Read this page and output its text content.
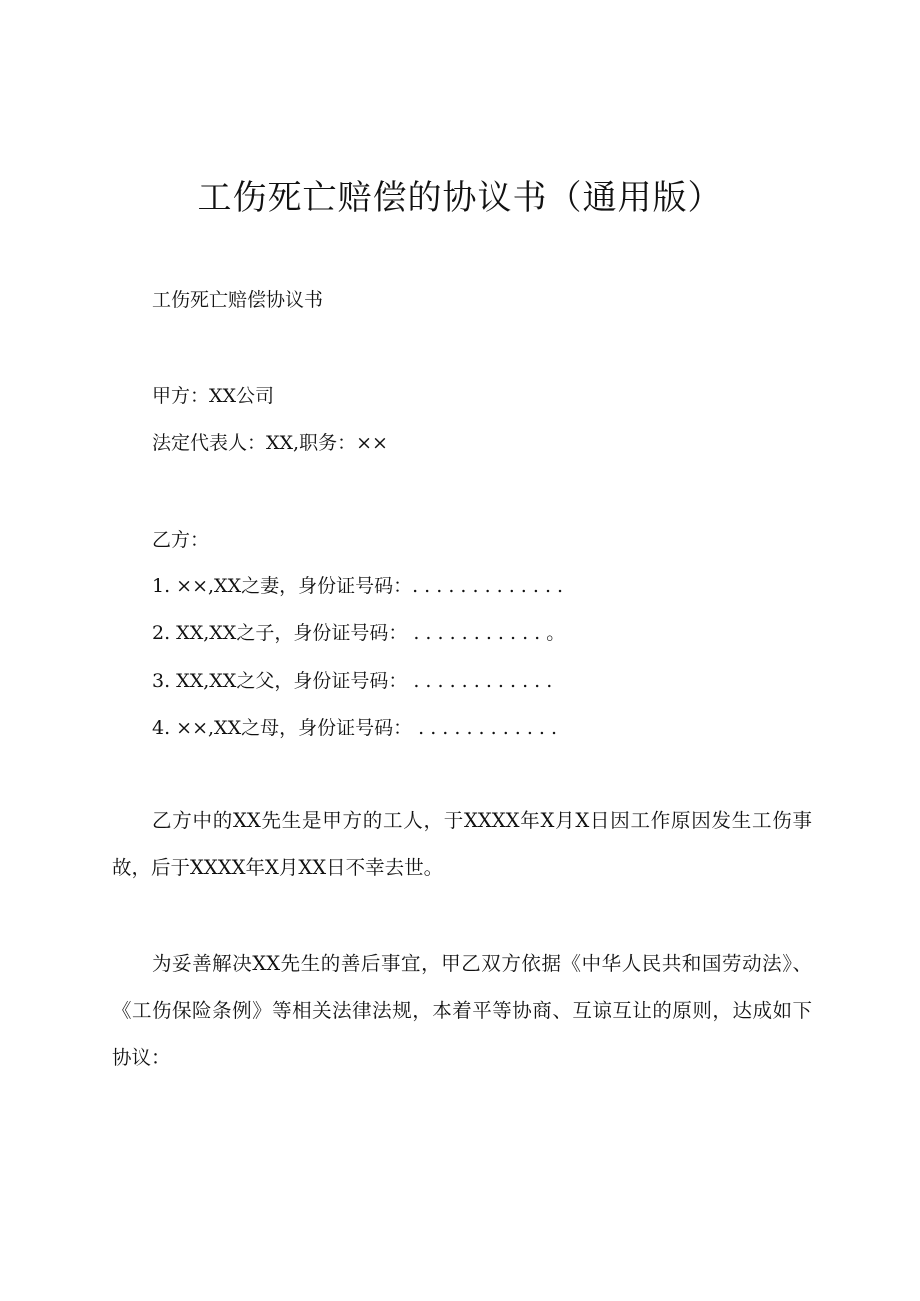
工伤死亡赔偿的协议书（通用版）
工伤死亡赔偿协议书
甲方：XX公司
法定代表人：XX,职务：××
乙方：
1. ××,XX之妻，身份证号码：. . . . . . . . . . . . .
2. XX,XX之子，身份证号码： . . . . . . . . . . . 。
3. XX,XX之父，身份证号码： . . . . . . . . . . . .
4. ××,XX之母，身份证号码： . . . . . . . . . . . .
乙方中的XX先生是甲方的工人，于XXXX年X月X日因工作原因发生工伤事故，后于XXXX年X月XX日不幸去世。
为妥善解决XX先生的善后事宜，甲乙双方依据《中华人民共和国劳动法》、《工伤保险条例》等相关法律法规，本着平等协商、互谅互让的原则，达成如下协议：
